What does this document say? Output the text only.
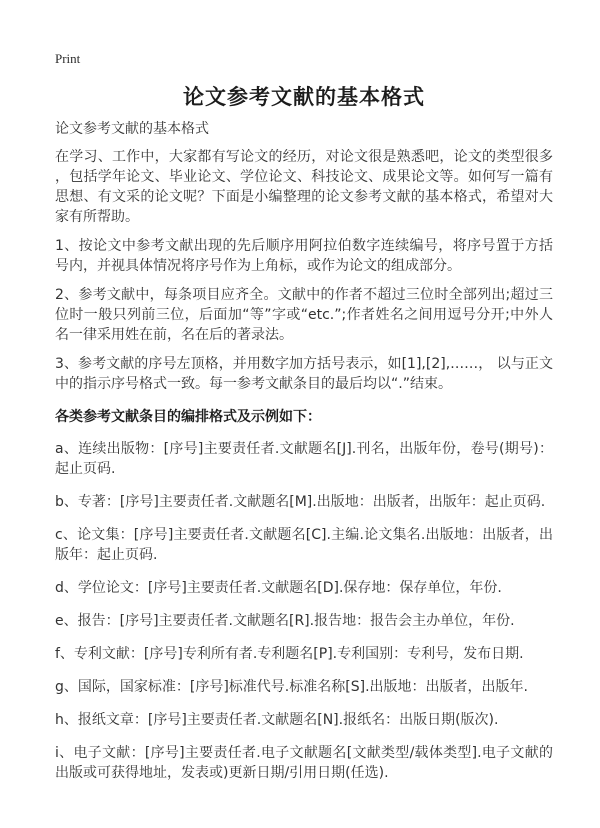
Print
论文参考文献的基本格式
论文参考文献的基本格式

在学习、工作中，大家都有写论文的经历，对论文很是熟悉吧，论文的类型很多，包括学年论文、毕业论文、学位论文、科技论文、成果论文等。如何写一篇有思想、有文采的论文呢？下面是小编整理的论文参考文献的基本格式，希望对大家有所帮助。

1、按论文中参考文献出现的先后顺序用阿拉伯数字连续编号，将序号置于方括号内，并视具体情况将序号作为上角标，或作为论文的组成部分。

2、参考文献中，每条项目应齐全。文献中的作者不超过三位时全部列出;超过三位时一般只列前三位，后面加“等”字或“etc.”;作者姓名之间用逗号分开;中外人名一律采用姓在前，名在后的著录法。

3、参考文献的序号左顶格，并用数字加方括号表示，如[1],[2],……， 以与正文中的指示序号格式一致。每一参考文献条目的最后均以“.”结束。

各类参考文献条目的编排格式及示例如下：

a、连续出版物：[序号]主要责任者.文献题名[J].刊名，出版年份，卷号(期号)：起止页码.

b、专著：[序号]主要责任者.文献题名[M].出版地：出版者，出版年：起止页码.

c、论文集：[序号]主要责任者.文献题名[C].主编.论文集名.出版地：出版者，出版年：起止页码.

d、学位论文：[序号]主要责任者.文献题名[D].保存地：保存单位，年份.

e、报告：[序号]主要责任者.文献题名[R].报告地：报告会主办单位，年份.

f、专利文献：[序号]专利所有者.专利题名[P].专利国别：专利号，发布日期.

g、国际，国家标准：[序号]标准代号.标准名称[S].出版地：出版者，出版年.

h、报纸文章：[序号]主要责任者.文献题名[N].报纸名：出版日期(版次).

i、电子文献：[序号]主要责任者.电子文献题名[文献类型/载体类型].电子文献的出版或可获得地址，发表或)更新日期/引用日期(任选).
